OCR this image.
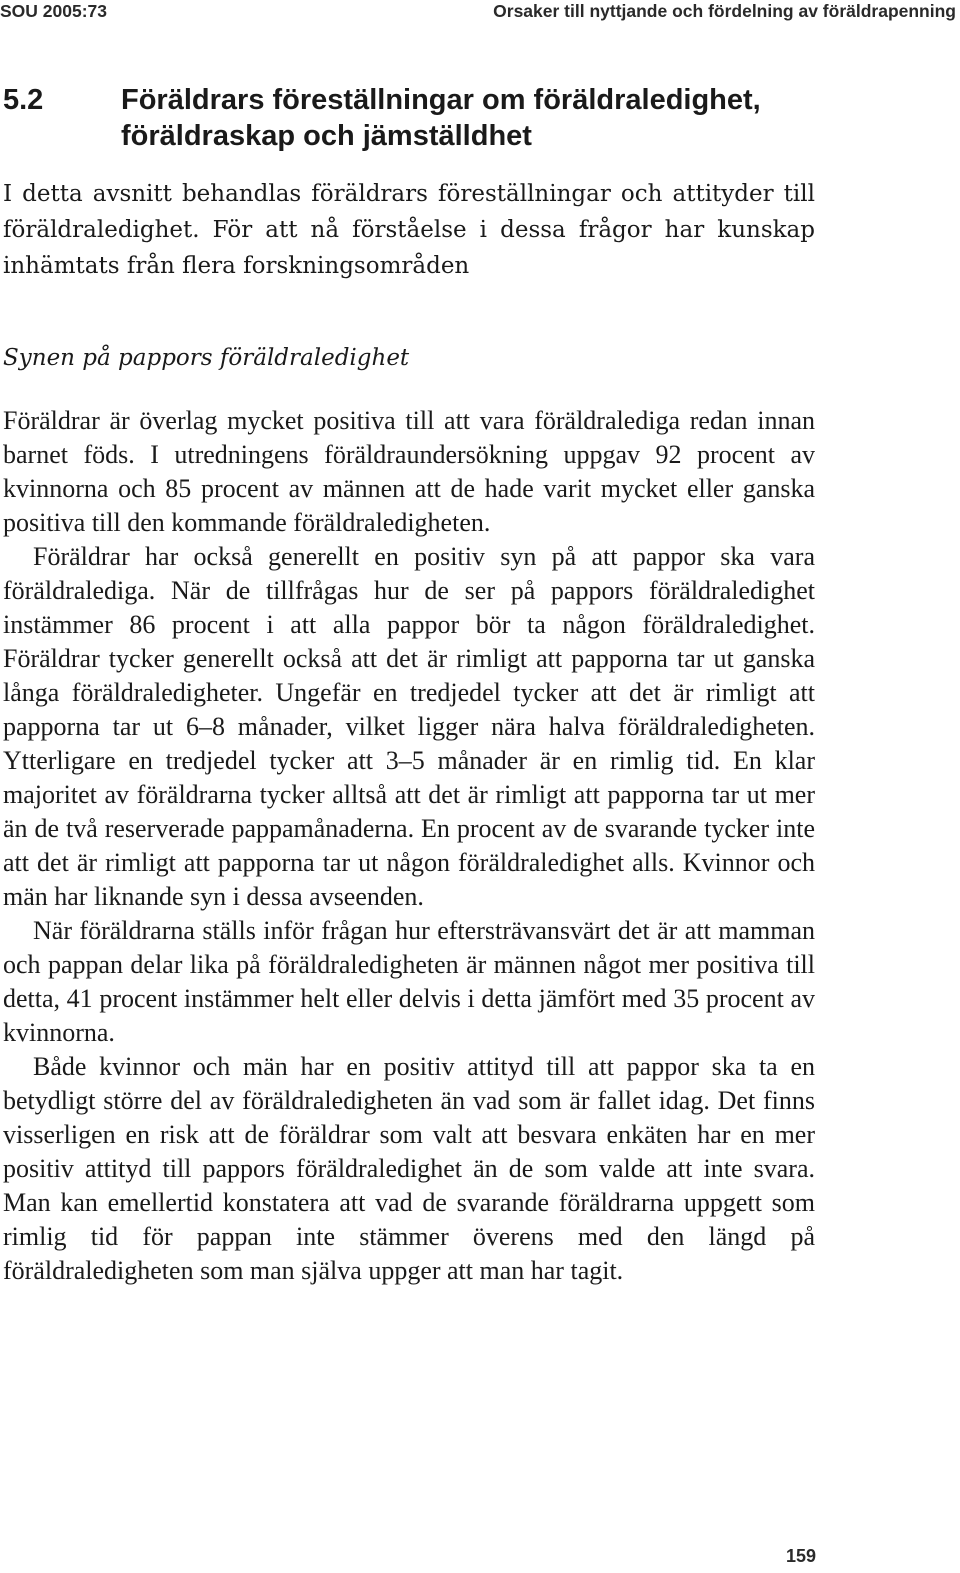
SOU 2005:73	Orsaker till nyttjande och fördelning av föräldrapenning
5.2	Föräldrars föreställningar om föräldraledighet, föräldraskap och jämställdhet

I detta avsnitt behandlas föräldrars föreställningar och attityder till föräldraledighet. För att nå förståelse i dessa frågor har kunskap inhämtats från flera forskningsområden

Synen på pappors föräldraledighet

Föräldrar är överlag mycket positiva till att vara föräldralediga redan innan barnet föds. I utredningens föräldraundersökning uppgav 92 procent av kvinnorna och 85 procent av männen att de hade varit mycket eller ganska positiva till den kommande föräldraledigheten.

Föräldrar har också generellt en positiv syn på att pappor ska vara föräldralediga. När de tillfrågas hur de ser på pappors föräldraledighet instämmer 86 procent i att alla pappor bör ta någon föräldraledighet. Föräldrar tycker generellt också att det är rimligt att papporna tar ut ganska långa föräldraledigheter. Ungefär en tredjedel tycker att det är rimligt att papporna tar ut 6–8 månader, vilket ligger nära halva föräldraledigheten. Ytterligare en tredjedel tycker att 3–5 månader är en rimlig tid. En klar majoritet av föräldrarna tycker alltså att det är rimligt att papporna tar ut mer än de två reserverade pappamånaderna. En procent av de svarande tycker inte att det är rimligt att papporna tar ut någon föräldraledighet alls. Kvinnor och män har liknande syn i dessa avseenden.

När föräldrarna ställs inför frågan hur eftersträvansvärt det är att mamman och pappan delar lika på föräldraledigheten är männen något mer positiva till detta, 41 procent instämmer helt eller delvis i detta jämfört med 35 procent av kvinnorna.

Både kvinnor och män har en positiv attityd till att pappor ska ta en betydligt större del av föräldraledigheten än vad som är fallet idag. Det finns visserligen en risk att de föräldrar som valt att besvara enkäten har en mer positiv attityd till pappors föräldraledighet än de som valde att inte svara. Man kan emellertid konstatera att vad de svarande föräldrarna uppgett som rimlig tid för pappan inte stämmer överens med den längd på föräldraledigheten som man själva uppger att man har tagit.

159
